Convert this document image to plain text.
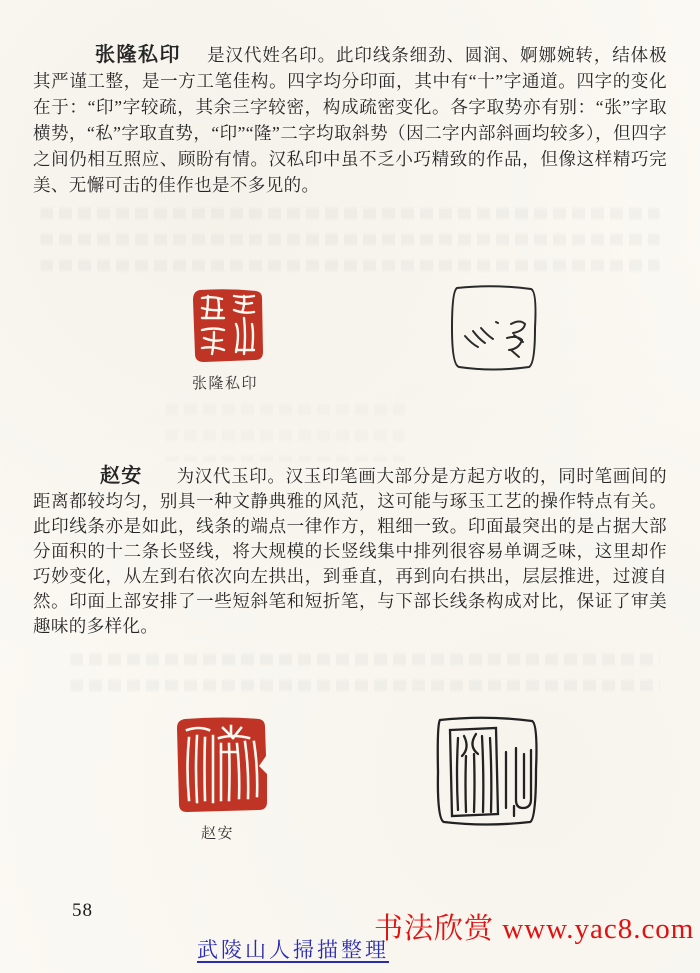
张隆私印 是汉代姓名印。此印线条细劲、圆润、婀娜婉转，结体极其严谨工整，是一方工笔佳构。四字均分印面，其中有“十”字通道。四字的变化在于：“印”字较疏，其余三字较密，构成疏密变化。各字取势亦有别：“张”字取横势，“私”字取直势，“印”“隆”二字均取斜势（因二字内部斜画均较多），但四字之间仍相互照应、顾盼有情。汉私印中虽不乏小巧精致的作品，但像这样精巧完美、无懈可击的佳作也是不多见的。
张隆私印
赵安 为汉代玉印。汉玉印笔画大部分是方起方收的，同时笔画间的距离都较均匀，别具一种文静典雅的风范，这可能与琢玉工艺的操作特点有关。此印线条亦是如此，线条的端点一律作方，粗细一致。印面最突出的是占据大部分面积的十二条长竖线，将大规模的长竖线集中排列很容易单调乏味，这里却作巧妙变化，从左到右依次向左拱出，到垂直，再到向右拱出，层层推进，过渡自然。印面上部安排了一些短斜笔和短折笔，与下部长线条构成对比，保证了审美趣味的多样化。
赵安
58
书法欣赏 www.yac8.com
武陵山人掃描整理
